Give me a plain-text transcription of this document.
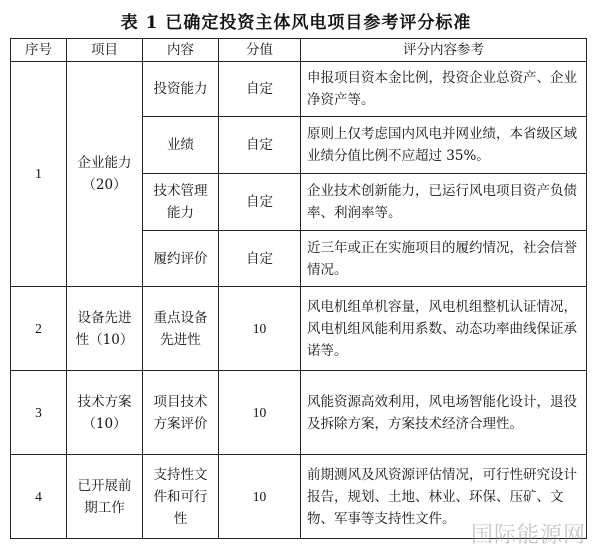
表 1 已确定投资主体风电项目参考评分标准
序号	项目	内容	分值	评分内容参考
1	企业能力（20）	投资能力	自定	申报项目资本金比例，投资企业总资产、企业净资产等。
		业绩	自定	原则上仅考虑国内风电并网业绩，本省级区域业绩分值比例不应超过 35%。
		技术管理能力	自定	企业技术创新能力，已运行风电项目资产负债率、利润率等。
		履约评价	自定	近三年或正在实施项目的履约情况，社会信誉情况。
2	设备先进性（10）	重点设备先进性	10	风电机组单机容量，风电机组整机认证情况，风电机组风能利用系数、动态功率曲线保证承诺等。
3	技术方案（10）	项目技术方案评价	10	风能资源高效利用，风电场智能化设计，退役及拆除方案，方案技术经济合理性。
4	已开展前期工作	支持性文件和可行性	10	前期测风及风资源评估情况，可行性研究设计报告，规划、土地、林业、环保、压矿、文物、军事等支持性文件。
国际能源网
